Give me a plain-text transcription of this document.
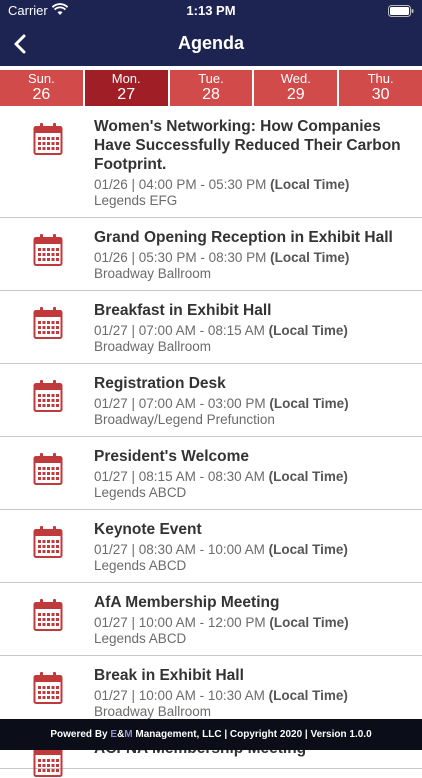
Carrier	1:13 PM
Agenda
Sun.
26
Mon.
27
Tue.
28
Wed.
29
Thu.
30
Women's Networking: How Companies Have Successfully Reduced Their Carbon Footprint.
01/26 | 04:00 PM - 05:30 PM (Local Time)
Legends EFG
Grand Opening Reception in Exhibit Hall
01/26 | 05:30 PM - 08:30 PM (Local Time)
Broadway Ballroom
Breakfast in Exhibit Hall
01/27 | 07:00 AM - 08:15 AM (Local Time)
Broadway Ballroom
Registration Desk
01/27 | 07:00 AM - 03:00 PM (Local Time)
Broadway/Legend Prefunction
President's Welcome
01/27 | 08:15 AM - 08:30 AM (Local Time)
Legends ABCD
Keynote Event
01/27 | 08:30 AM - 10:00 AM (Local Time)
Legends ABCD
AfA Membership Meeting
01/27 | 10:00 AM - 12:00 PM (Local Time)
Legends ABCD
Break in Exhibit Hall
01/27 | 10:00 AM - 10:30 AM (Local Time)
Broadway Ballroom
Powered By E&M Management, LLC | Copyright 2020 | Version 1.0.0
